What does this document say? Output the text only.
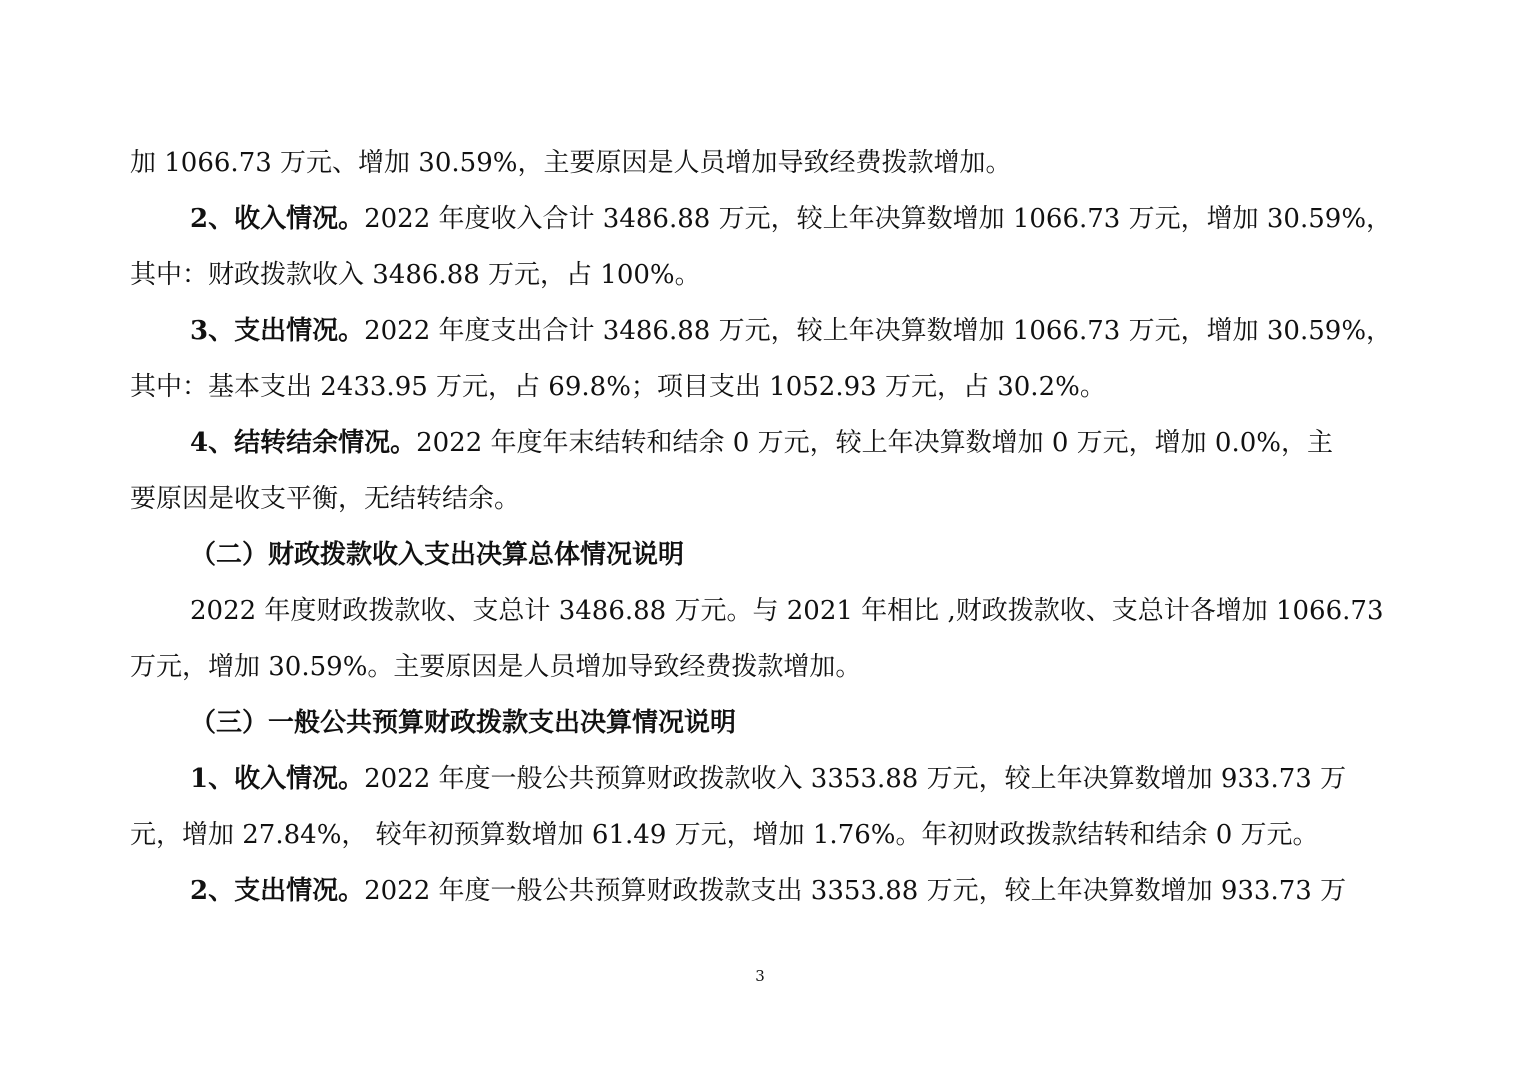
加 1066.73 万元、增加 30.59%，主要原因是人员增加导致经费拨款增加。
2、收入情况。2022 年度收入合计 3486.88 万元，较上年决算数增加 1066.73 万元，增加 30.59%，
其中：财政拨款收入 3486.88 万元，占 100%。
3、支出情况。2022 年度支出合计 3486.88 万元，较上年决算数增加 1066.73 万元，增加 30.59%，
其中：基本支出 2433.95 万元，占 69.8%；项目支出 1052.93 万元，占 30.2%。
4、结转结余情况。2022 年度年末结转和结余 0 万元，较上年决算数增加 0 万元，增加 0.0%，主
要原因是收支平衡，无结转结余。
（二）财政拨款收入支出决算总体情况说明
2022 年度财政拨款收、支总计 3486.88 万元。与 2021 年相比 ,财政拨款收、支总计各增加 1066.73
万元，增加 30.59%。主要原因是人员增加导致经费拨款增加。
（三）一般公共预算财政拨款支出决算情况说明
1、收入情况。2022 年度一般公共预算财政拨款收入 3353.88 万元，较上年决算数增加 933.73 万
元，增加 27.84%， 较年初预算数增加 61.49 万元，增加 1.76%。年初财政拨款结转和结余 0 万元。
2、支出情况。2022 年度一般公共预算财政拨款支出 3353.88 万元，较上年决算数增加 933.73 万
3
